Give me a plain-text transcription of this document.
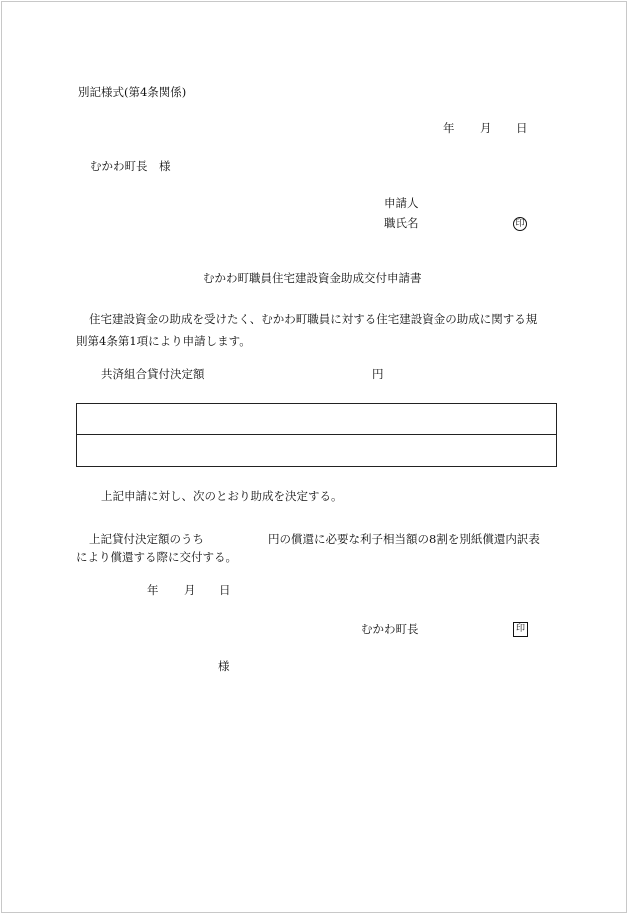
別記様式(第4条関係)
年 月 日
むかわ町長　様
申請人
職氏名	印
むかわ町職員住宅建設資金助成交付申請書
住宅建設資金の助成を受けたく、むかわ町職員に対する住宅建設資金の助成に関する規
則第4条第1項により申請します。
共済組合貸付決定額	円
上記申請に対し、次のとおり助成を決定する。
上記貸付決定額のうち	円の償還に必要な利子相当額の8割を別紙償還内訳表
により償還する際に交付する。
年 月 日
むかわ町長	印
様
